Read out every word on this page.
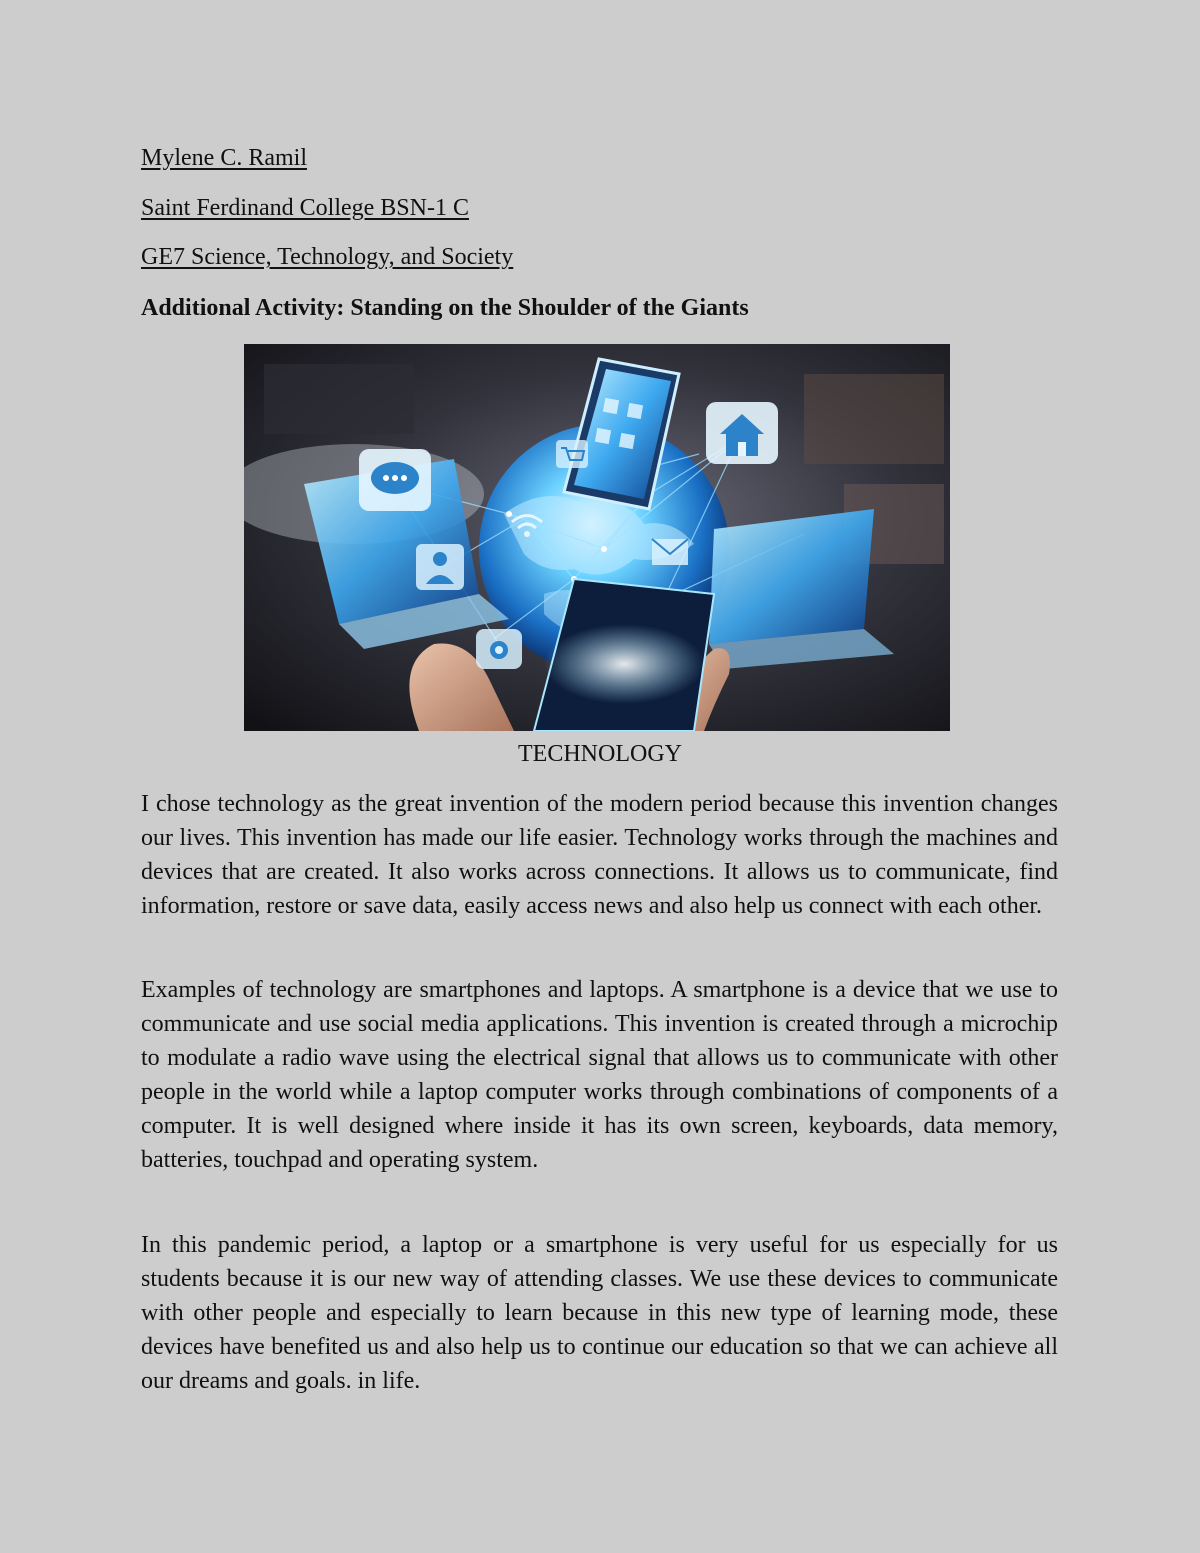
Mylene C. Ramil
Saint Ferdinand College BSN-1 C
GE7 Science, Technology, and Society
Additional Activity: Standing on the Shoulder of the Giants
TECHNOLOGY

I chose technology as the great invention of the modern period because this invention changes our lives. This invention has made our life easier. Technology works through the machines and devices that are created. It also works across connections. It allows us to communicate, find information, restore or save data, easily access news and also help us connect with each other.

Examples of technology are smartphones and laptops. A smartphone is a device that we use to communicate and use social media applications. This invention is created through a microchip to modulate a radio wave using the electrical signal that allows us to communicate with other people in the world while a laptop computer works through combinations of components of a computer. It is well designed where inside it has its own screen, keyboards, data memory, batteries, touchpad and operating system.

In this pandemic period, a laptop or a smartphone is very useful for us especially for us students because it is our new way of attending classes. We use these devices to communicate with other people and especially to learn because in this new type of learning mode, these devices have benefited us and also help us to continue our education so that we can achieve all our dreams and goals. in life.
